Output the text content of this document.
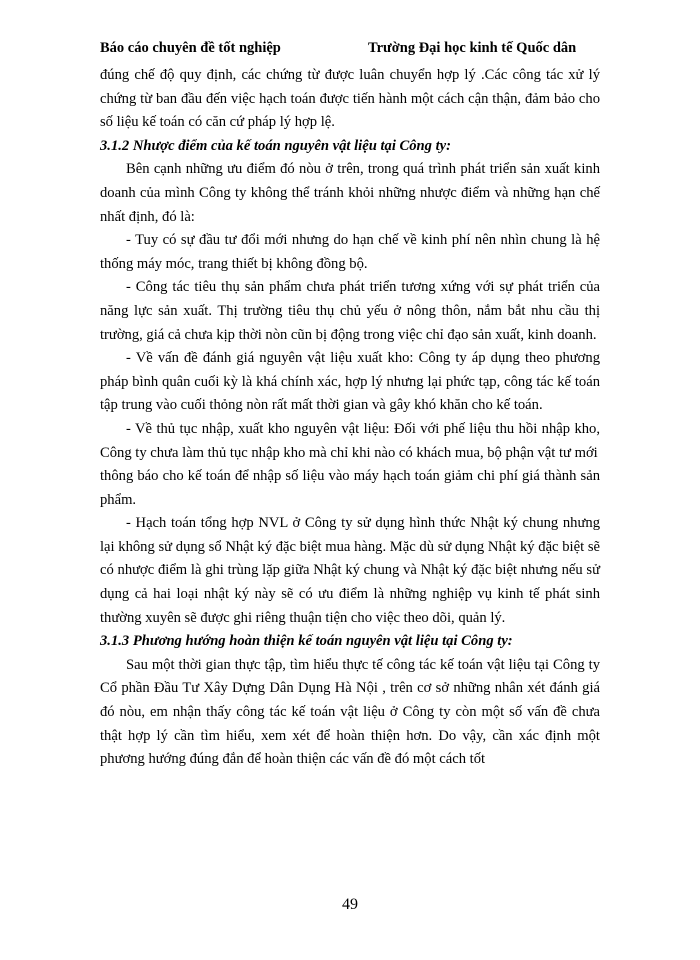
Báo cáo chuyên đề tốt nghiệp	Trường Đại học kinh tế Quốc dân

đúng chế độ quy định, các chứng từ được luân chuyển hợp lý .Các công tác xử lý chứng từ ban đầu đến việc hạch toán được tiến hành một cách cận thận, đảm bảo cho số liệu kế toán có căn cứ pháp lý hợp lệ.

3.1.2 Nhược điểm của kế toán nguyên vật liệu tại Công ty:

Bên cạnh những ưu điểm đó nòu ở trên, trong quá trình phát triển sản xuất kinh doanh của mình Công ty không thể tránh khỏi những nhược điểm và những hạn chế nhất định, đó là:

- Tuy có sự đầu tư đổi mới nhưng do hạn chế về kinh phí nên nhìn chung là hệ thống máy móc, trang thiết bị không đồng bộ.

- Công tác tiêu thụ sản phẩm chưa phát triển tương xứng với sự phát triển của năng lực sản xuất. Thị trường tiêu thụ chủ yếu ở nông thôn, nắm bắt nhu cầu thị trường, giá cả chưa kịp thời nòn cũn bị động trong việc chỉ đạo sản xuất, kinh doanh.

- Về vấn đề đánh giá nguyên vật liệu xuất kho: Công ty áp dụng theo phương pháp bình quân cuối kỳ là khá chính xác, hợp lý nhưng lại phức tạp, công tác kế toán tập trung vào cuối thỏng nòn rất mất thời gian và gây khó khăn cho kế toán.

- Về thủ tục nhập, xuất kho nguyên vật liệu: Đối với phế liệu thu hồi nhập kho, Công ty chưa làm thủ tục nhập kho mà chỉ khi nào có khách mua, bộ phận vật tư mới

thông báo cho kế toán để nhập số liệu vào máy hạch toán giảm chi phí giá thành sản phẩm.

- Hạch toán tổng hợp NVL ở Công ty sử dụng hình thức Nhật ký chung nhưng lại không sử dụng sổ Nhật ký đặc biệt mua hàng. Mặc dù sử dụng Nhật ký đặc biệt sẽ có nhược điểm là ghi trùng lặp giữa Nhật ký chung và Nhật ký đặc biệt nhưng nếu sử dụng cả hai loại nhật ký này sẽ có ưu điểm là những nghiệp vụ kinh tế phát sinh thường xuyên sẽ được ghi riêng thuận tiện cho việc theo dõi, quản lý.

3.1.3 Phương hướng hoàn thiện kế toán nguyên vật liệu tại Công ty:

Sau một thời gian thực tập, tìm hiểu thực tế công tác kế toán vật liệu tại Công ty Cổ phần Đầu Tư Xây Dựng Dân Dụng Hà Nội , trên cơ sở những nhân xét đánh giá đó nòu, em nhận thấy công tác kế toán vật liệu ở Công ty còn một số vấn đề chưa thật hợp lý cần tìm hiểu, xem xét để hoàn thiện hơn. Do vậy, cần xác định một phương hướng đúng đắn để hoàn thiện các vấn đề đó một cách tốt

49
